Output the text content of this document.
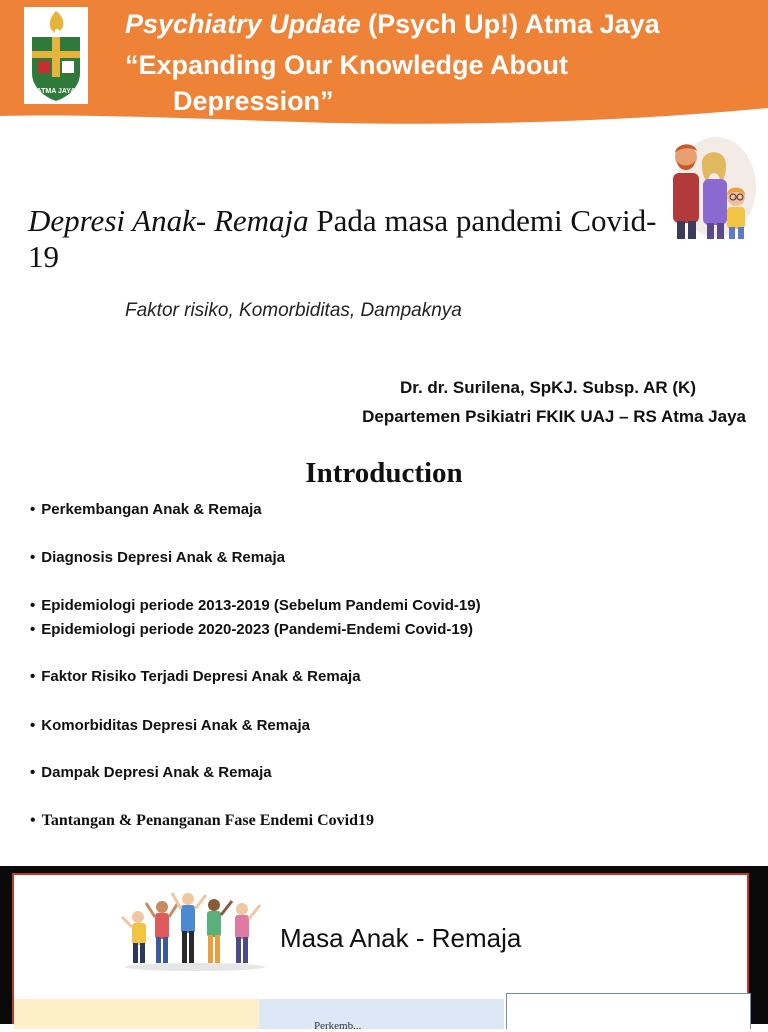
ATMA JAYA
Psychiatry Update (Psych Up!) Atma Jaya
“Expanding Our Knowledge About
Depression”
Depresi Anak- Remaja Pada masa pandemi Covid-19
Faktor risiko, Komorbiditas, Dampaknya
Dr. dr. Surilena, SpKJ. Subsp. AR (K)
Departemen Psikiatri FKIK UAJ – RS Atma Jaya
Introduction
• Perkembangan Anak & Remaja
• Diagnosis Depresi Anak & Remaja
• Epidemiologi periode 2013-2019 (Sebelum Pandemi Covid-19)
• Epidemiologi periode 2020-2023 (Pandemi-Endemi Covid-19)
• Faktor Risiko Terjadi Depresi Anak & Remaja
• Komorbiditas Depresi Anak & Remaja
• Dampak Depresi Anak & Remaja
• Tantangan & Penanganan Fase Endemi Covid19
Masa Anak - Remaja
Perkemb...
